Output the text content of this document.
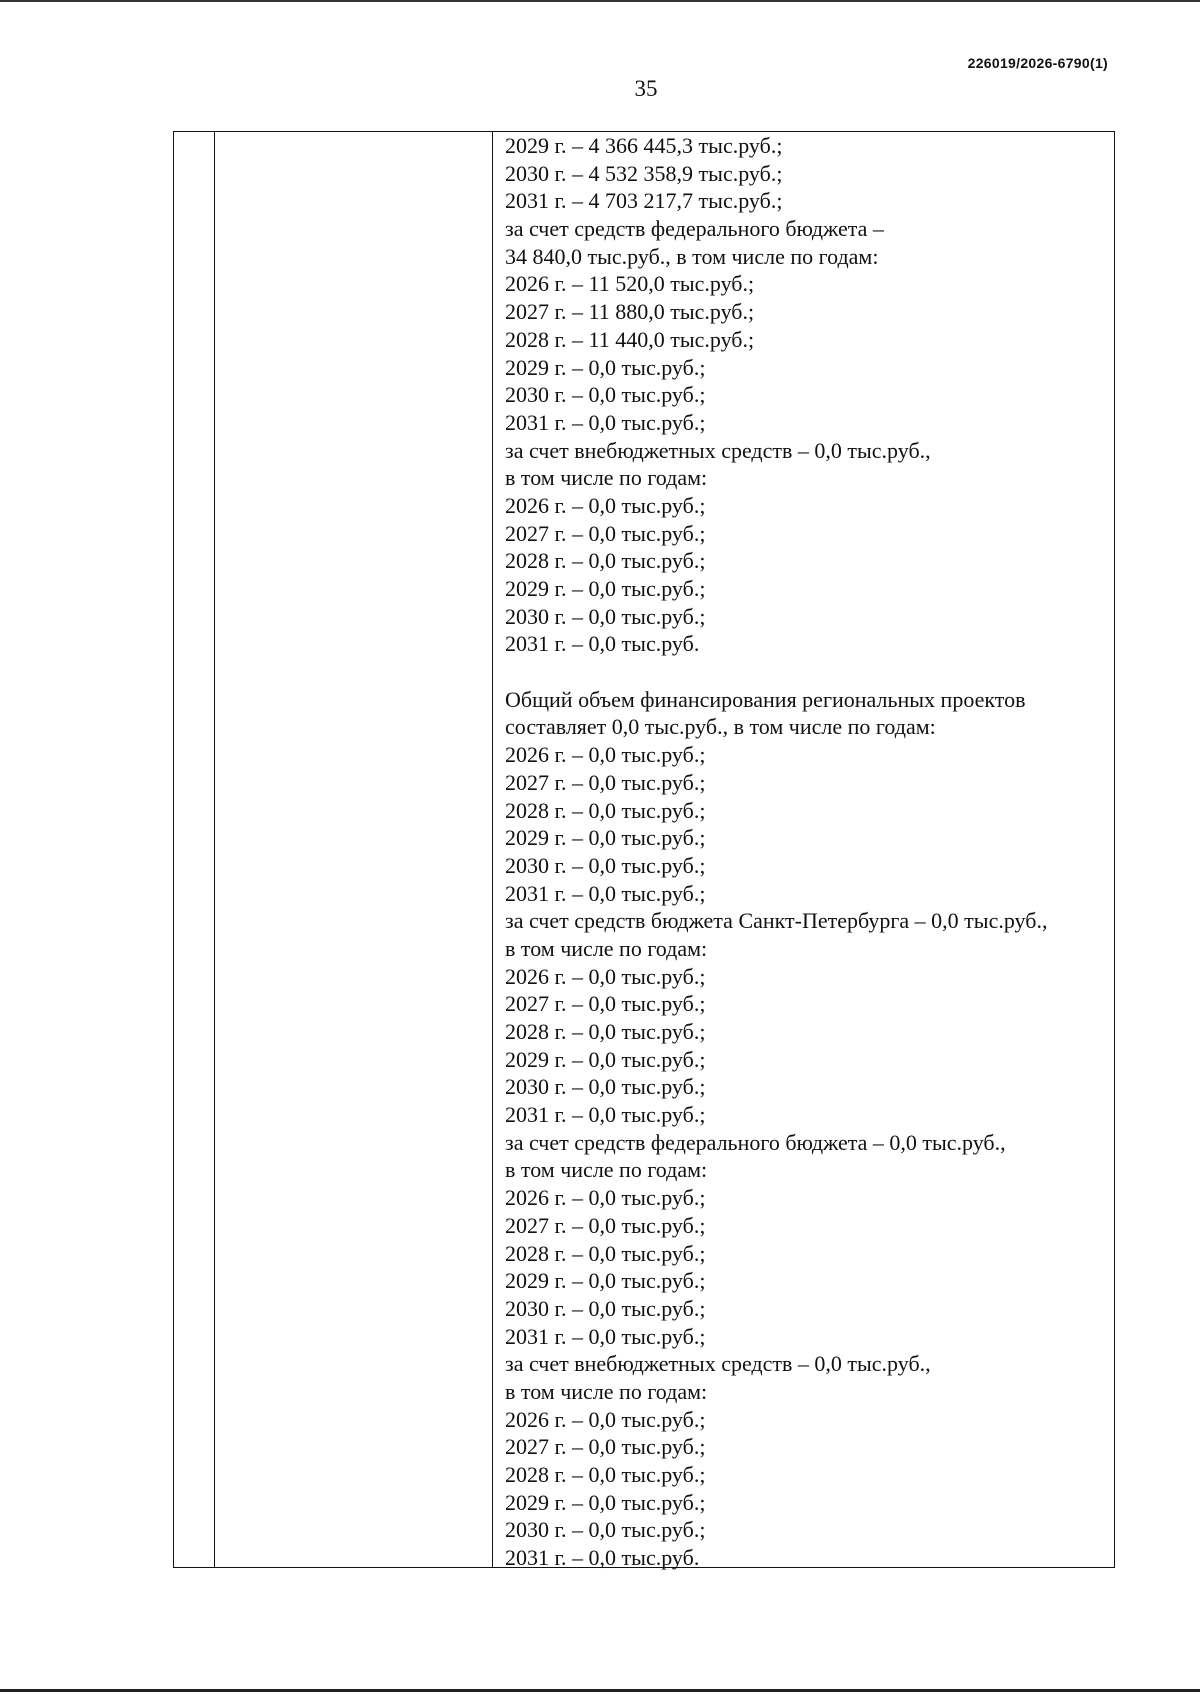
226019/2026-6790(1)
35
2029 г. – 4 366 445,3 тыс.руб.;
2030 г. – 4 532 358,9 тыс.руб.;
2031 г. – 4 703 217,7 тыс.руб.;
за счет средств федерального бюджета –
34 840,0 тыс.руб., в том числе по годам:
2026 г. – 11 520,0 тыс.руб.;
2027 г. – 11 880,0 тыс.руб.;
2028 г. – 11 440,0 тыс.руб.;
2029 г. – 0,0 тыс.руб.;
2030 г. – 0,0 тыс.руб.;
2031 г. – 0,0 тыс.руб.;
за счет внебюджетных средств – 0,0 тыс.руб.,
в том числе по годам:
2026 г. – 0,0 тыс.руб.;
2027 г. – 0,0 тыс.руб.;
2028 г. – 0,0 тыс.руб.;
2029 г. – 0,0 тыс.руб.;
2030 г. – 0,0 тыс.руб.;
2031 г. – 0,0 тыс.руб.
Общий объем финансирования региональных проектов
составляет 0,0 тыс.руб., в том числе по годам:
2026 г. – 0,0 тыс.руб.;
2027 г. – 0,0 тыс.руб.;
2028 г. – 0,0 тыс.руб.;
2029 г. – 0,0 тыс.руб.;
2030 г. – 0,0 тыс.руб.;
2031 г. – 0,0 тыс.руб.;
за счет средств бюджета Санкт-Петербурга – 0,0 тыс.руб.,
в том числе по годам:
2026 г. – 0,0 тыс.руб.;
2027 г. – 0,0 тыс.руб.;
2028 г. – 0,0 тыс.руб.;
2029 г. – 0,0 тыс.руб.;
2030 г. – 0,0 тыс.руб.;
2031 г. – 0,0 тыс.руб.;
за счет средств федерального бюджета – 0,0 тыс.руб.,
в том числе по годам:
2026 г. – 0,0 тыс.руб.;
2027 г. – 0,0 тыс.руб.;
2028 г. – 0,0 тыс.руб.;
2029 г. – 0,0 тыс.руб.;
2030 г. – 0,0 тыс.руб.;
2031 г. – 0,0 тыс.руб.;
за счет внебюджетных средств – 0,0 тыс.руб.,
в том числе по годам:
2026 г. – 0,0 тыс.руб.;
2027 г. – 0,0 тыс.руб.;
2028 г. – 0,0 тыс.руб.;
2029 г. – 0,0 тыс.руб.;
2030 г. – 0,0 тыс.руб.;
2031 г. – 0,0 тыс.руб.
